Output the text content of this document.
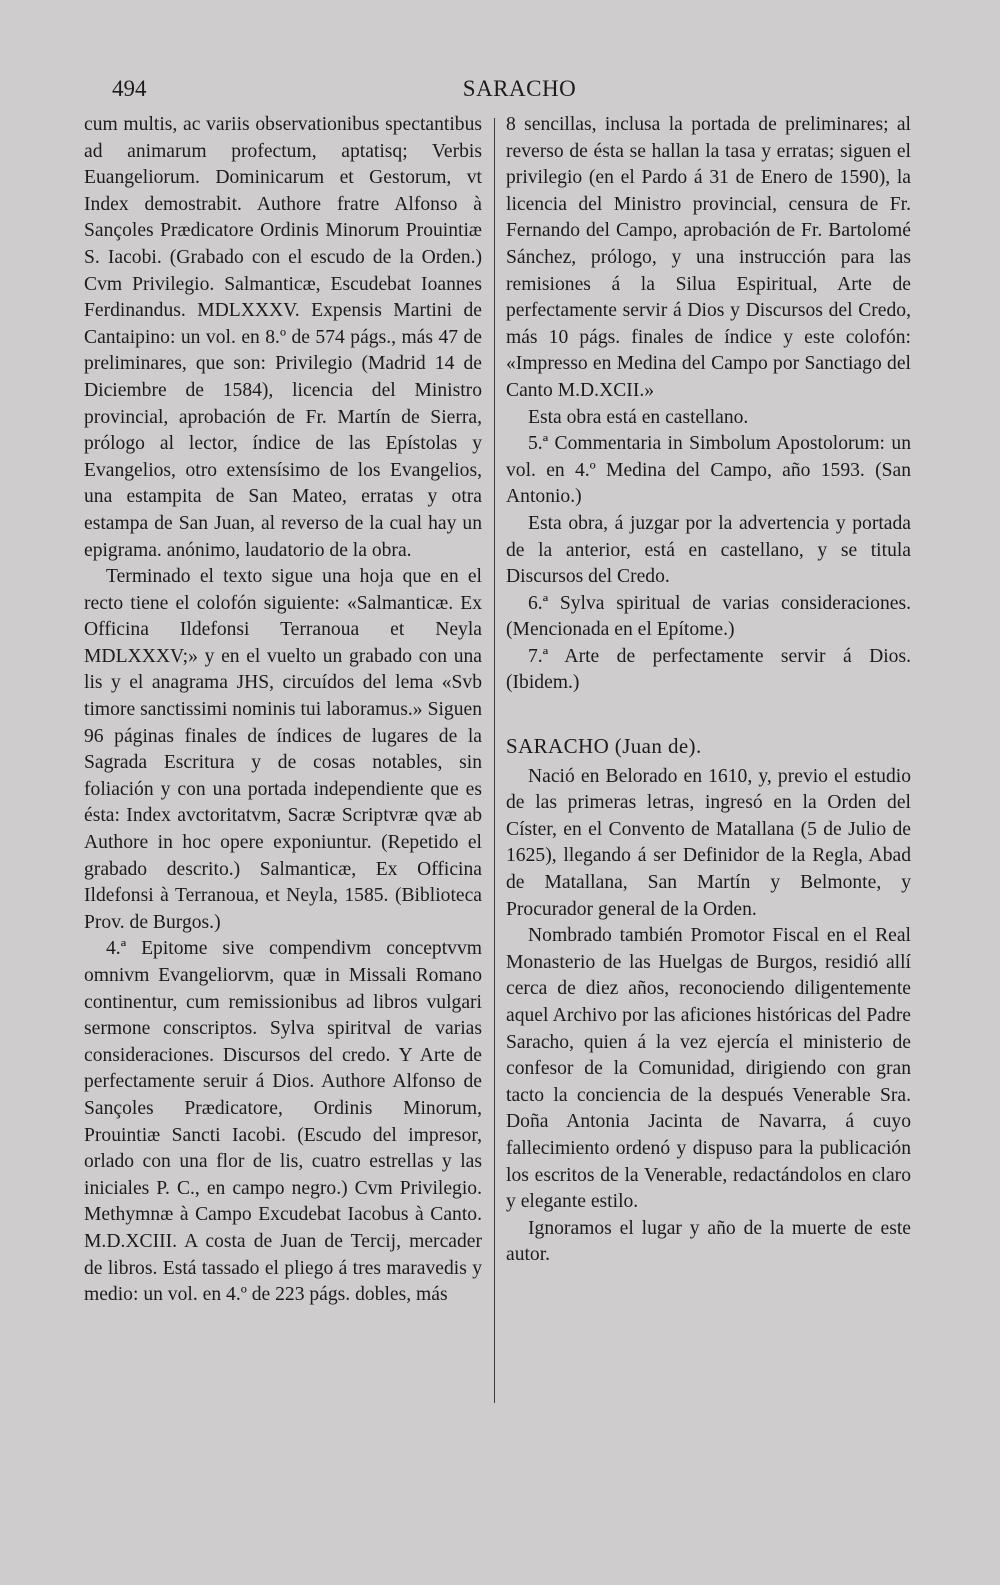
494	SARACHO

cum multis, ac variis observationibus spectantibus ad animarum profectum, aptatisq; Verbis Euangeliorum. Dominicarum et Gestorum, vt Index demostrabit. Authore fratre Alfonso à Sançoles Prædicatore Ordinis Minorum Prouintiæ S. Iacobi. (Grabado con el escudo de la Orden.) Cvm Privilegio. Salmanticæ, Escudebat Ioannes Ferdinandus. MDLXXXV. Expensis Martini de Cantaipino: un vol. en 8.º de 574 págs., más 47 de preliminares, que son: Privilegio (Madrid 14 de Diciembre de 1584), licencia del Ministro provincial, aprobación de Fr. Martín de Sierra, prólogo al lector, índice de las Epístolas y Evangelios, otro extensísimo de los Evangelios, una estampita de San Mateo, erratas y otra estampa de San Juan, al reverso de la cual hay un epigrama. anónimo, laudatorio de la obra.

Terminado el texto sigue una hoja que en el recto tiene el colofón siguiente: «Salmanticæ. Ex Officina Ildefonsi Terranoua et Neyla MDLXXXV;» y en el vuelto un grabado con una lis y el anagrama JHS, circuídos del lema «Svb timore sanctissimi nominis tui laboramus.» Siguen 96 páginas finales de índices de lugares de la Sagrada Escritura y de cosas notables, sin foliación y con una portada independiente que es ésta: Index avctoritatvm, Sacræ Scriptvræ qvæ ab Authore in hoc opere exponiuntur. (Repetido el grabado descrito.) Salmanticæ, Ex Officina Ildefonsi à Terranoua, et Neyla, 1585. (Biblioteca Prov. de Burgos.)

4.ª Epitome sive compendivm conceptvvm omnivm Evangeliorvm, quæ in Missali Romano continentur, cum remissionibus ad libros vulgari sermone conscriptos. Sylva spiritval de varias consideraciones. Discursos del credo. Y Arte de perfectamente seruir á Dios. Authore Alfonso de Sançoles Prædicatore, Ordinis Minorum, Prouintiæ Sancti Iacobi. (Escudo del impresor, orlado con una flor de lis, cuatro estrellas y las iniciales P. C., en campo negro.) Cvm Privilegio. Methymnæ à Campo Excudebat Iacobus à Canto. M.D.XCIII. A costa de Juan de Tercij, mercader de libros. Está tassado el pliego á tres maravedis y medio: un vol. en 4.º de 223 págs. dobles, más

8 sencillas, inclusa la portada de preliminares; al reverso de ésta se hallan la tasa y erratas; siguen el privilegio (en el Pardo á 31 de Enero de 1590), la licencia del Ministro provincial, censura de Fr. Fernando del Campo, aprobación de Fr. Bartolomé Sánchez, prólogo, y una instrucción para las remisiones á la Silua Espiritual, Arte de perfectamente servir á Dios y Discursos del Credo, más 10 págs. finales de índice y este colofón: «Impresso en Medina del Campo por Sanctiago del Canto M.D.XCII.»

Esta obra está en castellano.

5.ª Commentaria in Simbolum Apostolorum: un vol. en 4.º Medina del Campo, año 1593. (San Antonio.)

Esta obra, á juzgar por la advertencia y portada de la anterior, está en castellano, y se titula Discursos del Credo.

6.ª Sylva spiritual de varias consideraciones. (Mencionada en el Epítome.)

7.ª Arte de perfectamente servir á Dios. (Ibidem.)

SARACHO (Juan de).

Nació en Belorado en 1610, y, previo el estudio de las primeras letras, ingresó en la Orden del Císter, en el Convento de Matallana (5 de Julio de 1625), llegando á ser Definidor de la Regla, Abad de Matallana, San Martín y Belmonte, y Procurador general de la Orden.

Nombrado también Promotor Fiscal en el Real Monasterio de las Huelgas de Burgos, residió allí cerca de diez años, reconociendo diligentemente aquel Archivo por las aficiones históricas del Padre Saracho, quien á la vez ejercía el ministerio de confesor de la Comunidad, dirigiendo con gran tacto la conciencia de la después Venerable Sra. Doña Antonia Jacinta de Navarra, á cuyo fallecimiento ordenó y dispuso para la publicación los escritos de la Venerable, redactándolos en claro y elegante estilo.

Ignoramos el lugar y año de la muerte de este autor.
